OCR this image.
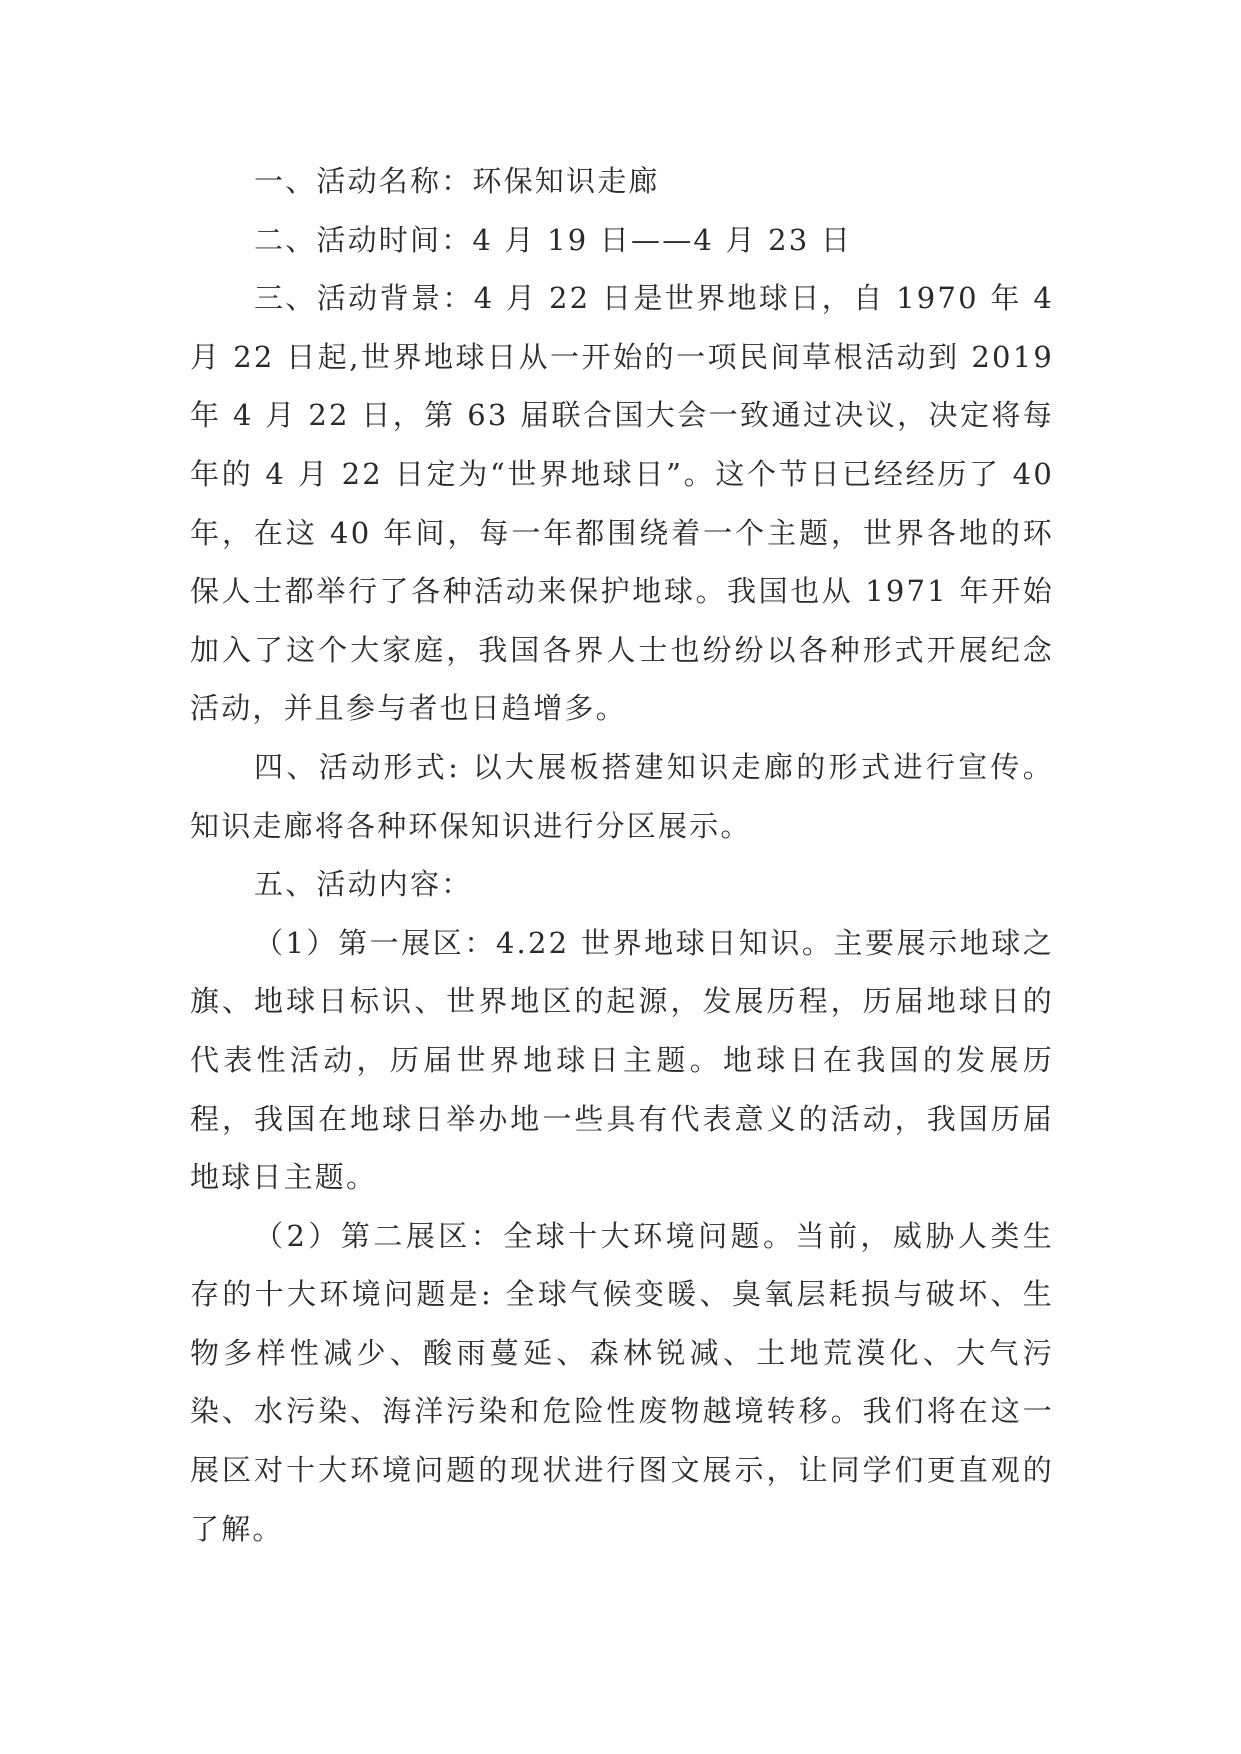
一、活动名称：环保知识走廊

二、活动时间：4 月 19 日——4 月 23 日

三、活动背景：4 月 22 日是世界地球日，自 1970 年 4 月 22 日起,世界地球日从一开始的一项民间草根活动到 2019 年 4 月 22 日，第 63 届联合国大会一致通过决议，决定将每年的 4 月 22 日定为“世界地球日”。这个节日已经经历了 40 年，在这 40 年间，每一年都围绕着一个主题，世界各地的环保人士都举行了各种活动来保护地球。我国也从 1971 年开始加入了这个大家庭，我国各界人士也纷纷以各种形式开展纪念活动，并且参与者也日趋增多。

四、活动形式: 以大展板搭建知识走廊的形式进行宣传。知识走廊将各种环保知识进行分区展示。

五、活动内容：

（1）第一展区：4.22 世界地球日知识。主要展示地球之旗、地球日标识、世界地区的起源，发展历程，历届地球日的代表性活动，历届世界地球日主题。地球日在我国的发展历程，我国在地球日举办地一些具有代表意义的活动，我国历届地球日主题。

（2）第二展区：全球十大环境问题。当前，威胁人类生存的十大环境问题是: 全球气候变暖、臭氧层耗损与破坏、生物多样性减少、酸雨蔓延、森林锐减、土地荒漠化、大气污染、水污染、海洋污染和危险性废物越境转移。我们将在这一展区对十大环境问题的现状进行图文展示，让同学们更直观的了解。
